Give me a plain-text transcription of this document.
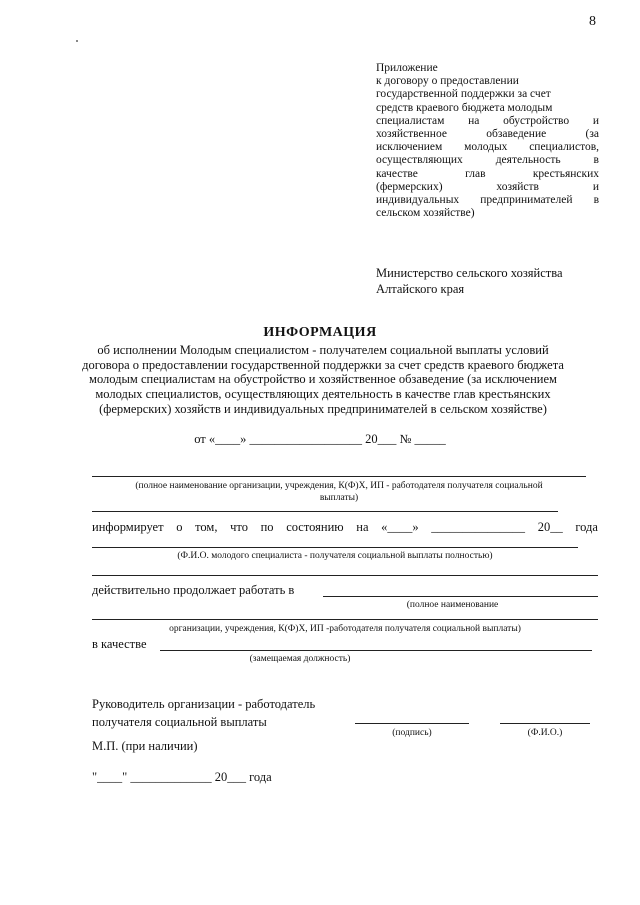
8
Приложение
к договору о предоставлении
государственной поддержки за счет
средств краевого бюджета молодым
специалистам на обустройство и
хозяйственное обзаведение (за
исключением молодых специалистов,
осуществляющих деятельность в
качестве глав крестьянских
(фермерских) хозяйств и
индивидуальных предпринимателей в
сельском хозяйстве)
Министерство сельского хозяйства
Алтайского края
ИНФОРМАЦИЯ
об исполнении Молодым специалистом - получателем социальной выплаты условий
договора о предоставлении государственной поддержки за счет средств краевого бюджета
молодым специалистам на обустройство и хозяйственное обзаведение (за исключением
молодых специалистов, осуществляющих деятельность в качестве глав крестьянских
(фермерских) хозяйств и индивидуальных предпринимателей в сельском хозяйстве)
от «____» __________________ 20___ № _____
(полное наименование организации, учреждения, К(Ф)Х, ИП - работодателя получателя социальной
выплаты)
информирует о том, что по состоянию на «____» _______________ 20__ года
(Ф.И.О. молодого специалиста - получателя социальной выплаты полностью)
действительно продолжает работать в
(полное наименование
организации, учреждения, К(Ф)Х, ИП -работодателя получателя социальной выплаты)
в качестве
(замещаемая должность)
Руководитель организации - работодатель
получателя социальной выплаты
(подпись)	(Ф.И.О.)
М.П. (при наличии)
"____" _____________ 20___ года
